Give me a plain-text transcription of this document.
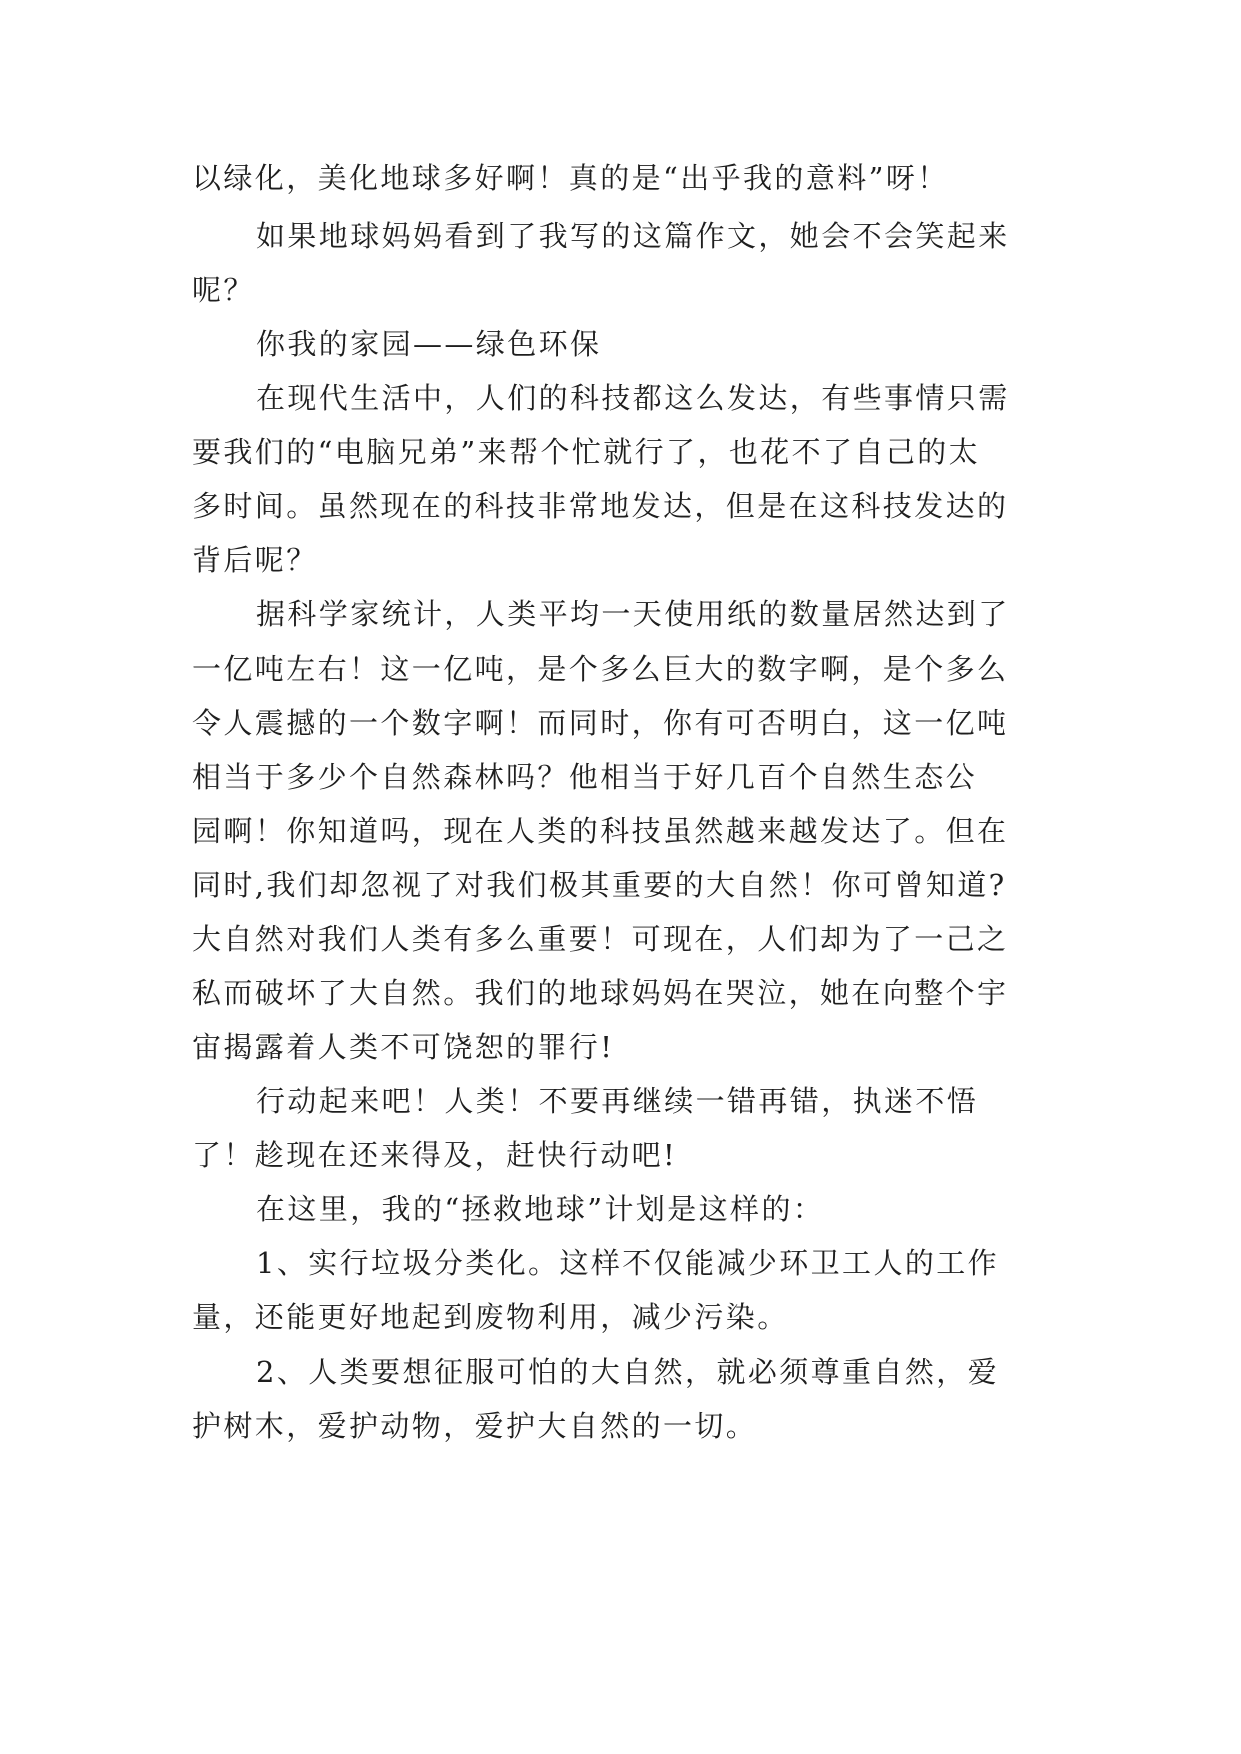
以绿化，美化地球多好啊！真的是“出乎我的意料”呀！
如果地球妈妈看到了我写的这篇作文，她会不会笑起来
呢？
你我的家园——绿色环保
在现代生活中，人们的科技都这么发达，有些事情只需
要我们的“电脑兄弟”来帮个忙就行了，也花不了自己的太
多时间。虽然现在的科技非常地发达，但是在这科技发达的
背后呢？
据科学家统计，人类平均一天使用纸的数量居然达到了
一亿吨左右！这一亿吨，是个多么巨大的数字啊，是个多么
令人震撼的一个数字啊！而同时，你有可否明白，这一亿吨
相当于多少个自然森林吗？他相当于好几百个自然生态公
园啊！你知道吗，现在人类的科技虽然越来越发达了。但在
同时,我们却忽视了对我们极其重要的大自然！你可曾知道?
大自然对我们人类有多么重要！可现在，人们却为了一己之
私而破坏了大自然。我们的地球妈妈在哭泣，她在向整个宇
宙揭露着人类不可饶恕的罪行!
行动起来吧！人类！不要再继续一错再错，执迷不悟
了！趁现在还来得及，赶快行动吧!
在这里，我的“拯救地球”计划是这样的：
1、实行垃圾分类化。这样不仅能减少环卫工人的工作
量，还能更好地起到废物利用，减少污染。
2、人类要想征服可怕的大自然，就必须尊重自然，爱
护树木，爱护动物，爱护大自然的一切。
